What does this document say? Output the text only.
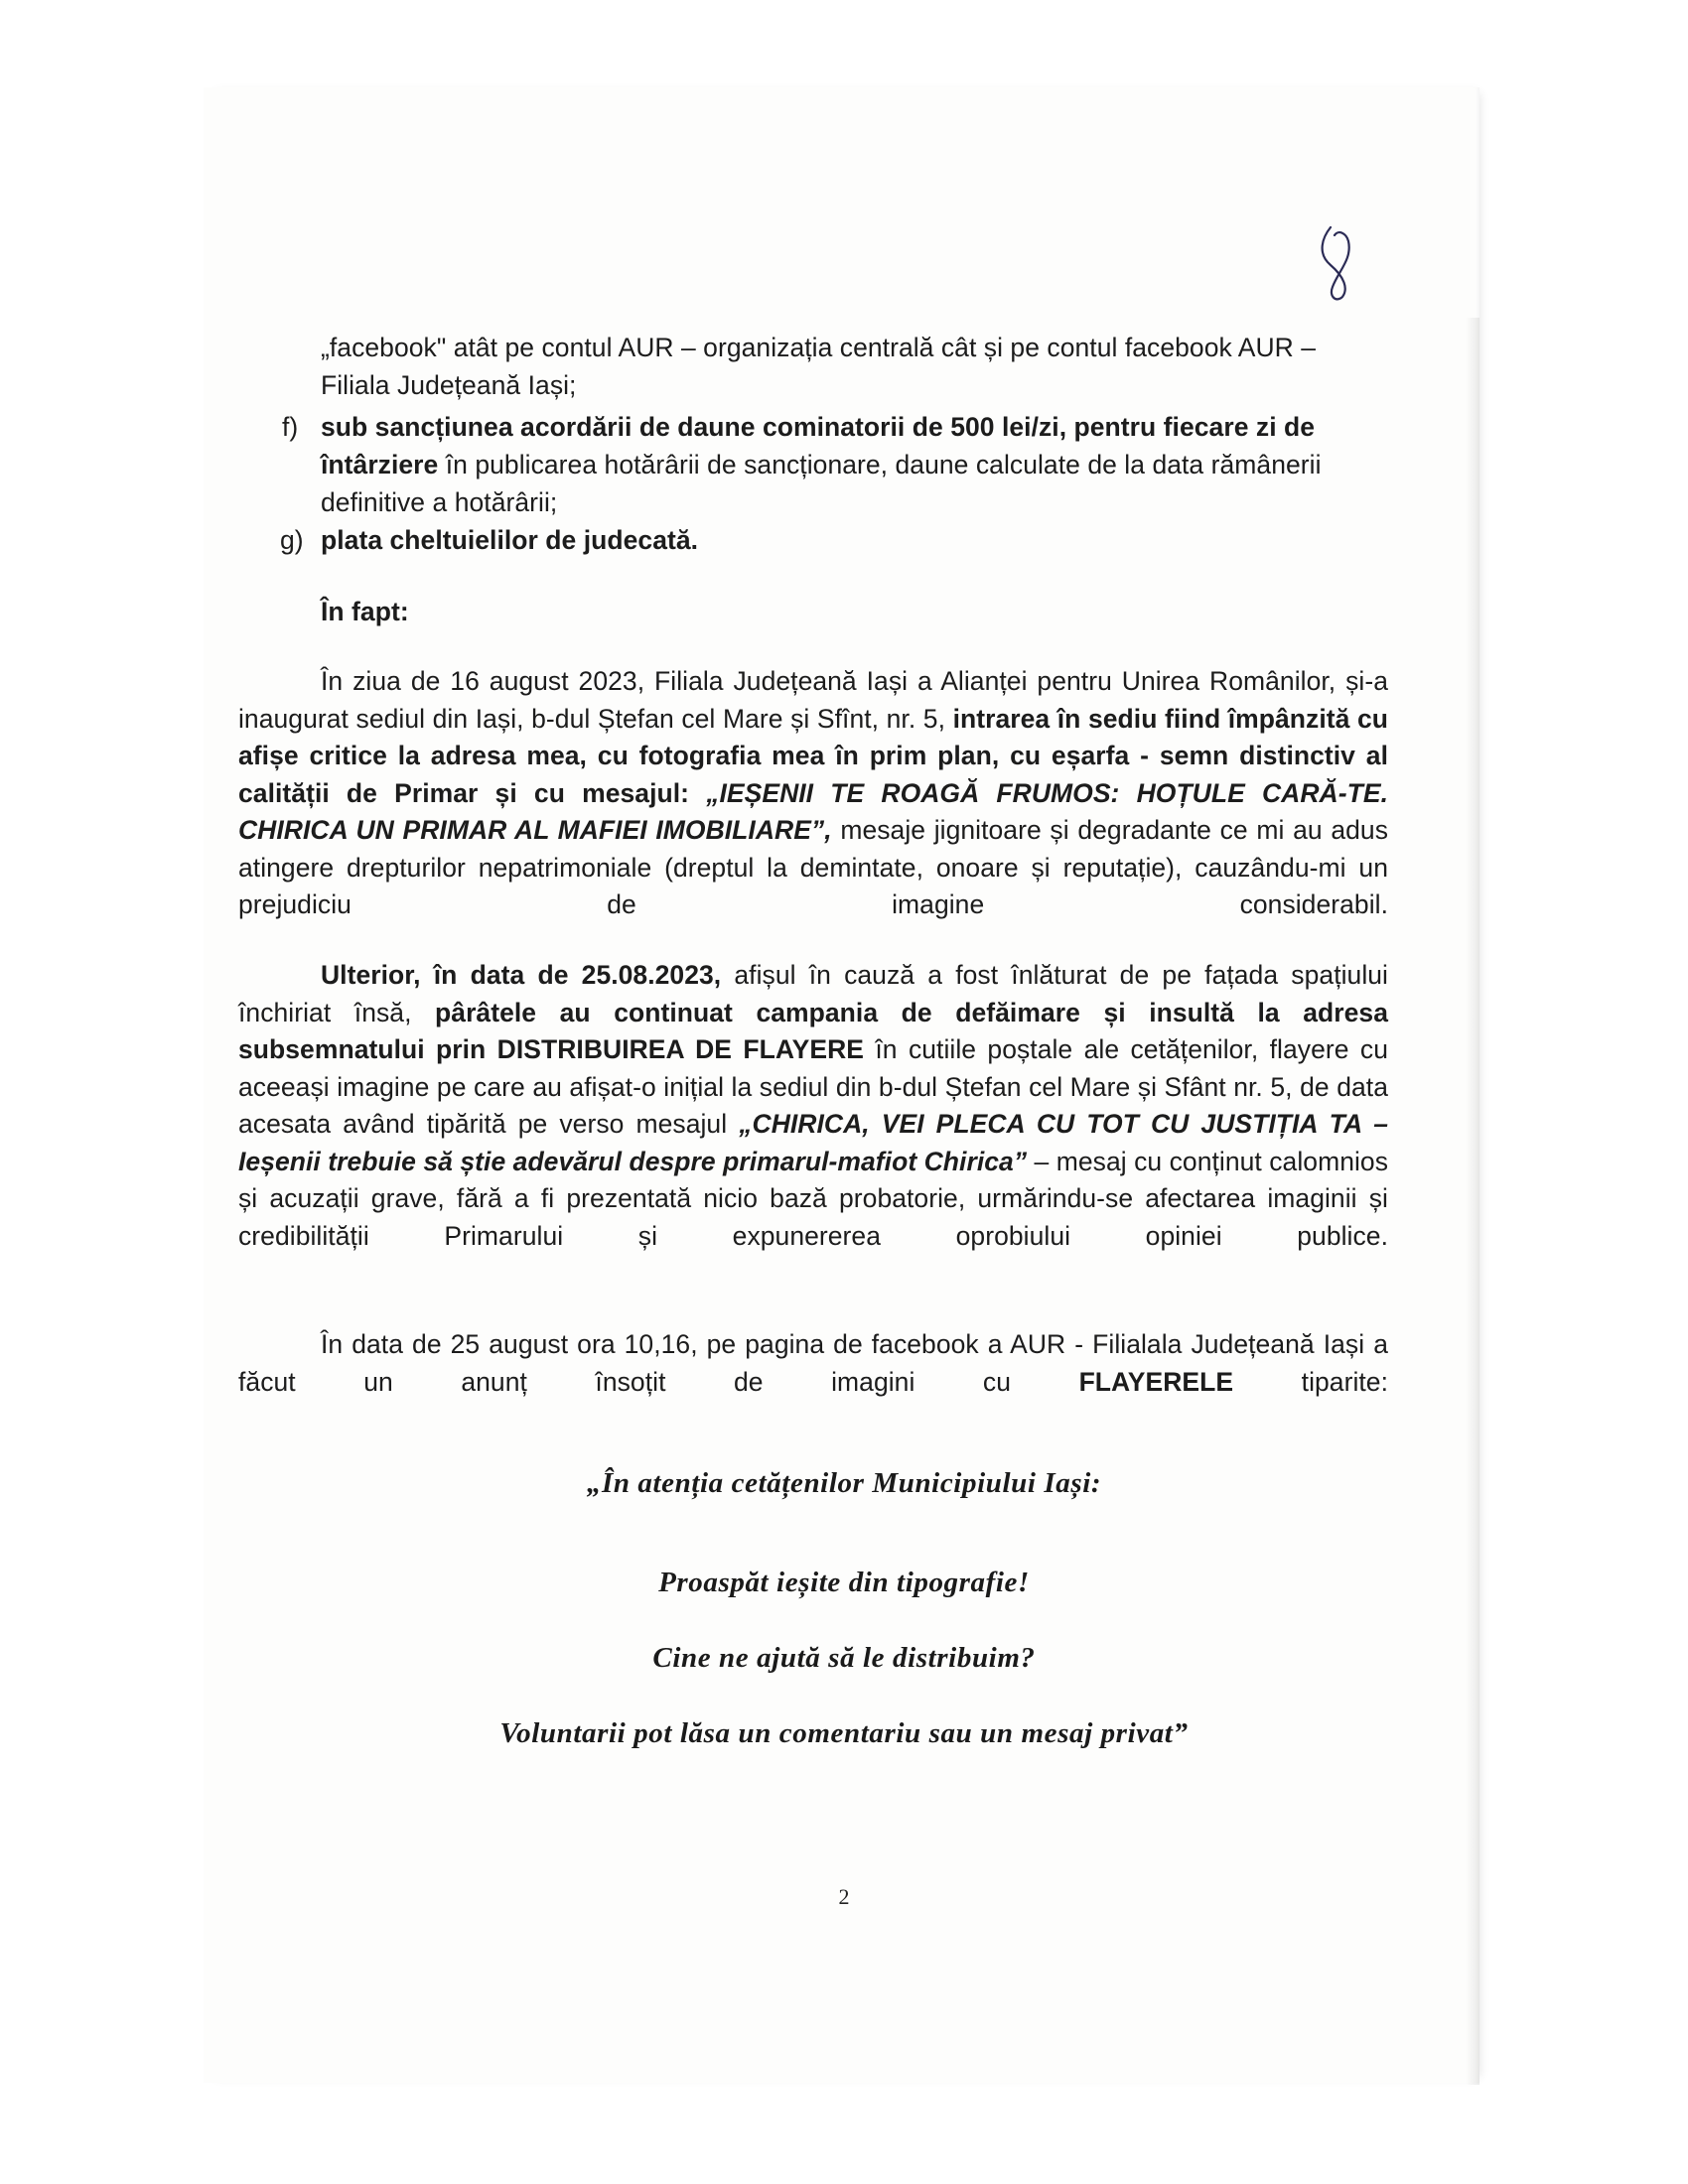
„facebook" atât pe contul AUR – organizația centrală cât și pe contul facebook AUR –
Filiala Județeană Iași;
f) sub sancțiunea acordării de daune cominatorii de 500 lei/zi, pentru fiecare zi de
întârziere în publicarea hotărârii de sancționare, daune calculate de la data rămânerii
definitive a hotărârii;
g) plata cheltuielilor de judecată.
În fapt:

În ziua de 16 august 2023, Filiala Județeană Iași a Alianței pentru Unirea Românilor, și-a inaugurat sediul din Iași, b-dul Ștefan cel Mare și Sfînt, nr. 5, intrarea în sediu fiind împânzită cu afișe critice la adresa mea, cu fotografia mea în prim plan, cu eșarfa - semn distinctiv al calității de Primar și cu mesajul: „IEȘENII TE ROAGĂ FRUMOS: HOȚULE CARĂ-TE. CHIRICA UN PRIMAR AL MAFIEI IMOBILIARE”, mesaje jignitoare și degradante ce mi au adus atingere drepturilor nepatrimoniale (dreptul la demintate, onoare și reputație), cauzându-mi un prejudiciu de imagine considerabil.

Ulterior, în data de 25.08.2023, afișul în cauză a fost înlăturat de pe fațada spațiului închiriat însă, pârâtele au continuat campania de defăimare și insultă la adresa subsemnatului prin DISTRIBUIREA DE FLAYERE în cutiile poștale ale cetățenilor, flayere cu aceeași imagine pe care au afișat-o inițial la sediul din b-dul Ștefan cel Mare și Sfânt nr. 5, de data acesata având tipărită pe verso mesajul „CHIRICA, VEI PLECA CU TOT CU JUSTIȚIA TA – Ieșenii trebuie să știe adevărul despre primarul-mafiot Chirica” – mesaj cu conținut calomnios și acuzații grave, fără a fi prezentată nicio bază probatorie, urmărindu-se afectarea imaginii și credibilității Primarului și expunererea oprobiului opiniei publice.

În data de 25 august ora 10,16, pe pagina de facebook a AUR - Filialala Județeană Iași a făcut un anunț însoțit de imagini cu FLAYERELE tiparite:

„În atenția cetățenilor Municipiului Iași:
Proaspăt ieșite din tipografie!
Cine ne ajută să le distribuim?
Voluntarii pot lăsa un comentariu sau un mesaj privat”
2
